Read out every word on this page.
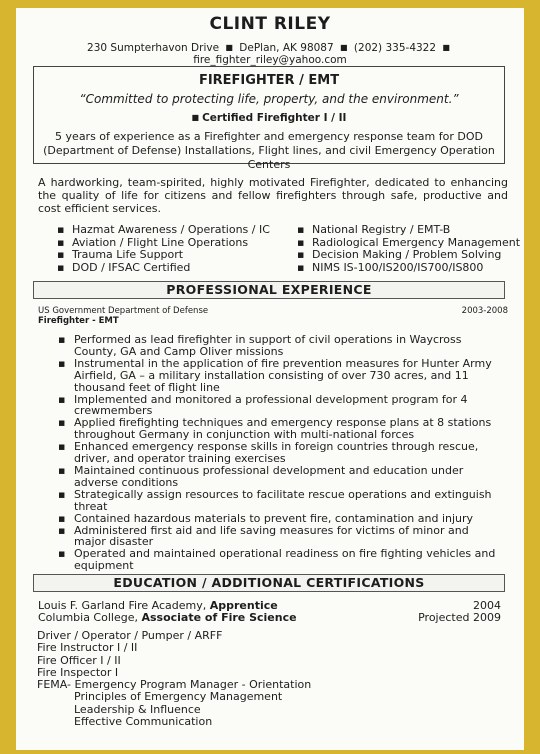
CLINT RILEY
230 Sumpterhavon Drive ■ DePlan, AK 98087 ■ (202) 335-4322 ■ fire_fighter_riley@yahoo.com
FIREFIGHTER / EMT
“Committed to protecting life, property, and the environment.”
■ Certified Firefighter I / II
5 years of experience as a Firefighter and emergency response team for DOD (Department of Defense) Installations, Flight lines, and civil Emergency Operation Centers
A hardworking, team-spirited, highly motivated Firefighter, dedicated to enhancing the quality of life for citizens and fellow firefighters through safe, productive and cost efficient services.
▪ Hazmat Awareness / Operations / IC
▪ Aviation / Flight Line Operations
▪ Trauma Life Support
▪ DOD / IFSAC Certified
▪ National Registry / EMT-B
▪ Radiological Emergency Management
▪ Decision Making / Problem Solving
▪ NIMS IS-100/IS200/IS700/IS800
PROFESSIONAL EXPERIENCE
US Government Department of Defense	2003-2008
Firefighter - EMT
▪ Performed as lead firefighter in support of civil operations in Waycross County, GA and Camp Oliver missions
▪ Instrumental in the application of fire prevention measures for Hunter Army Airfield, GA – a military installation consisting of over 730 acres, and 11 thousand feet of flight line
▪ Implemented and monitored a professional development program for 4 crewmembers
▪ Applied firefighting techniques and emergency response plans at 8 stations throughout Germany in conjunction with multi-national forces
▪ Enhanced emergency response skills in foreign countries through rescue, driver, and operator training exercises
▪ Maintained continuous professional development and education under adverse conditions
▪ Strategically assign resources to facilitate rescue operations and extinguish threat
▪ Contained hazardous materials to prevent fire, contamination and injury
▪ Administered first aid and life saving measures for victims of minor and major disaster
▪ Operated and maintained operational readiness on fire fighting vehicles and equipment
EDUCATION / ADDITIONAL CERTIFICATIONS
Louis F. Garland Fire Academy, Apprentice	2004
Columbia College, Associate of Fire Science	Projected 2009
Driver / Operator / Pumper / ARFF
Fire Instructor I / II
Fire Officer I / II
Fire Inspector I
FEMA- Emergency Program Manager - Orientation
Principles of Emergency Management
Leadership & Influence
Effective Communication
